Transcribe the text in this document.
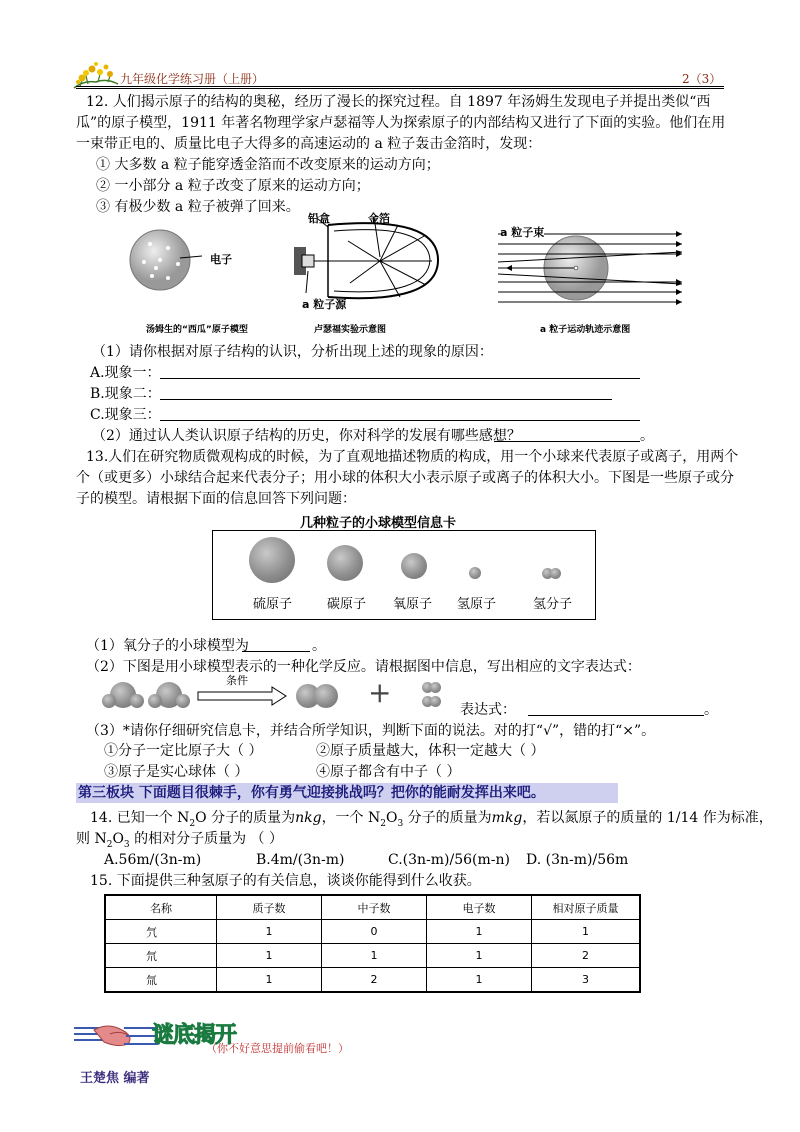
九年级化学练习册（上册）	2（3）
12. 人们揭示原子的结构的奥秘，经历了漫长的探究过程。自 1897 年汤姆生发现电子并提出类似“西
瓜”的原子模型，1911 年著名物理学家卢瑟福等人为探索原子的内部结构又进行了下面的实验。他们在用
一束带正电的、质量比电子大得多的高速运动的 a 粒子轰击金箔时，发现：
① 大多数 a 粒子能穿透金箔而不改变原来的运动方向；
② 一小部分 a 粒子改变了原来的运动方向；
③ 有极少数 a 粒子被弹了回来。
电子
汤姆生的“西瓜”原子模型
铅盒	金箔
a 粒子源
卢瑟福实验示意图
a 粒子束
a 粒子运动轨迹示意图
（1）请你根据对原子结构的认识，分析出现上述的现象的原因：
A.现象一：
B.现象二：
C.现象三：
（2）通过认人类认识原子结构的历史，你对科学的发展有哪些感想？	。
13.人们在研究物质微观构成的时候，为了直观地描述物质的构成，用一个小球来代表原子或离子，用两个
个（或更多）小球结合起来代表分子；用小球的体积大小表示原子或离子的体积大小。下图是一些原子或分
子的模型。请根据下面的信息回答下列问题：
几种粒子的小球模型信息卡
硫原子	碳原子 氧原子 氢原子	氢分子
（1）氧分子的小球模型为	。
（2）下图是用小球模型表示的一种化学反应。请根据图中信息，写出相应的文字表达式：
条件	+
表达式：	。
（3）*请你仔细研究信息卡，并结合所学知识，判断下面的说法。对的打“√”，错的打“×”。
①分子一定比原子大（ ）	②原子质量越大，体积一定越大（ ）
③原子是实心球体（ ）	④原子都含有中子（ ）
第三板块 下面题目很棘手，你有勇气迎接挑战吗？把你的能耐发挥出来吧。
14. 已知一个 $N_2O$ 分子的质量为nkg，一个 $N_2O_3$ 分子的质量为mkg，若以氮原子的质量的 1/14 作为标准，
则 $N_2O_3$ 的相对分子质量为 （ ）
A.56m/(3n-m)	B.4m/(3n-m)	C.(3n-m)/56(m-n) D. (3n-m)/56m
15. 下面提供三种氢原子的有关信息，谈谈你能得到什么收获。
名称	质子数	中子数	电子数	相对原子质量
氕	1	0	1	1
氘	1	1	1	2
氚	1	2	1	3
谜底揭开
（你不好意思提前偷看吧！）
王楚焦 编著
